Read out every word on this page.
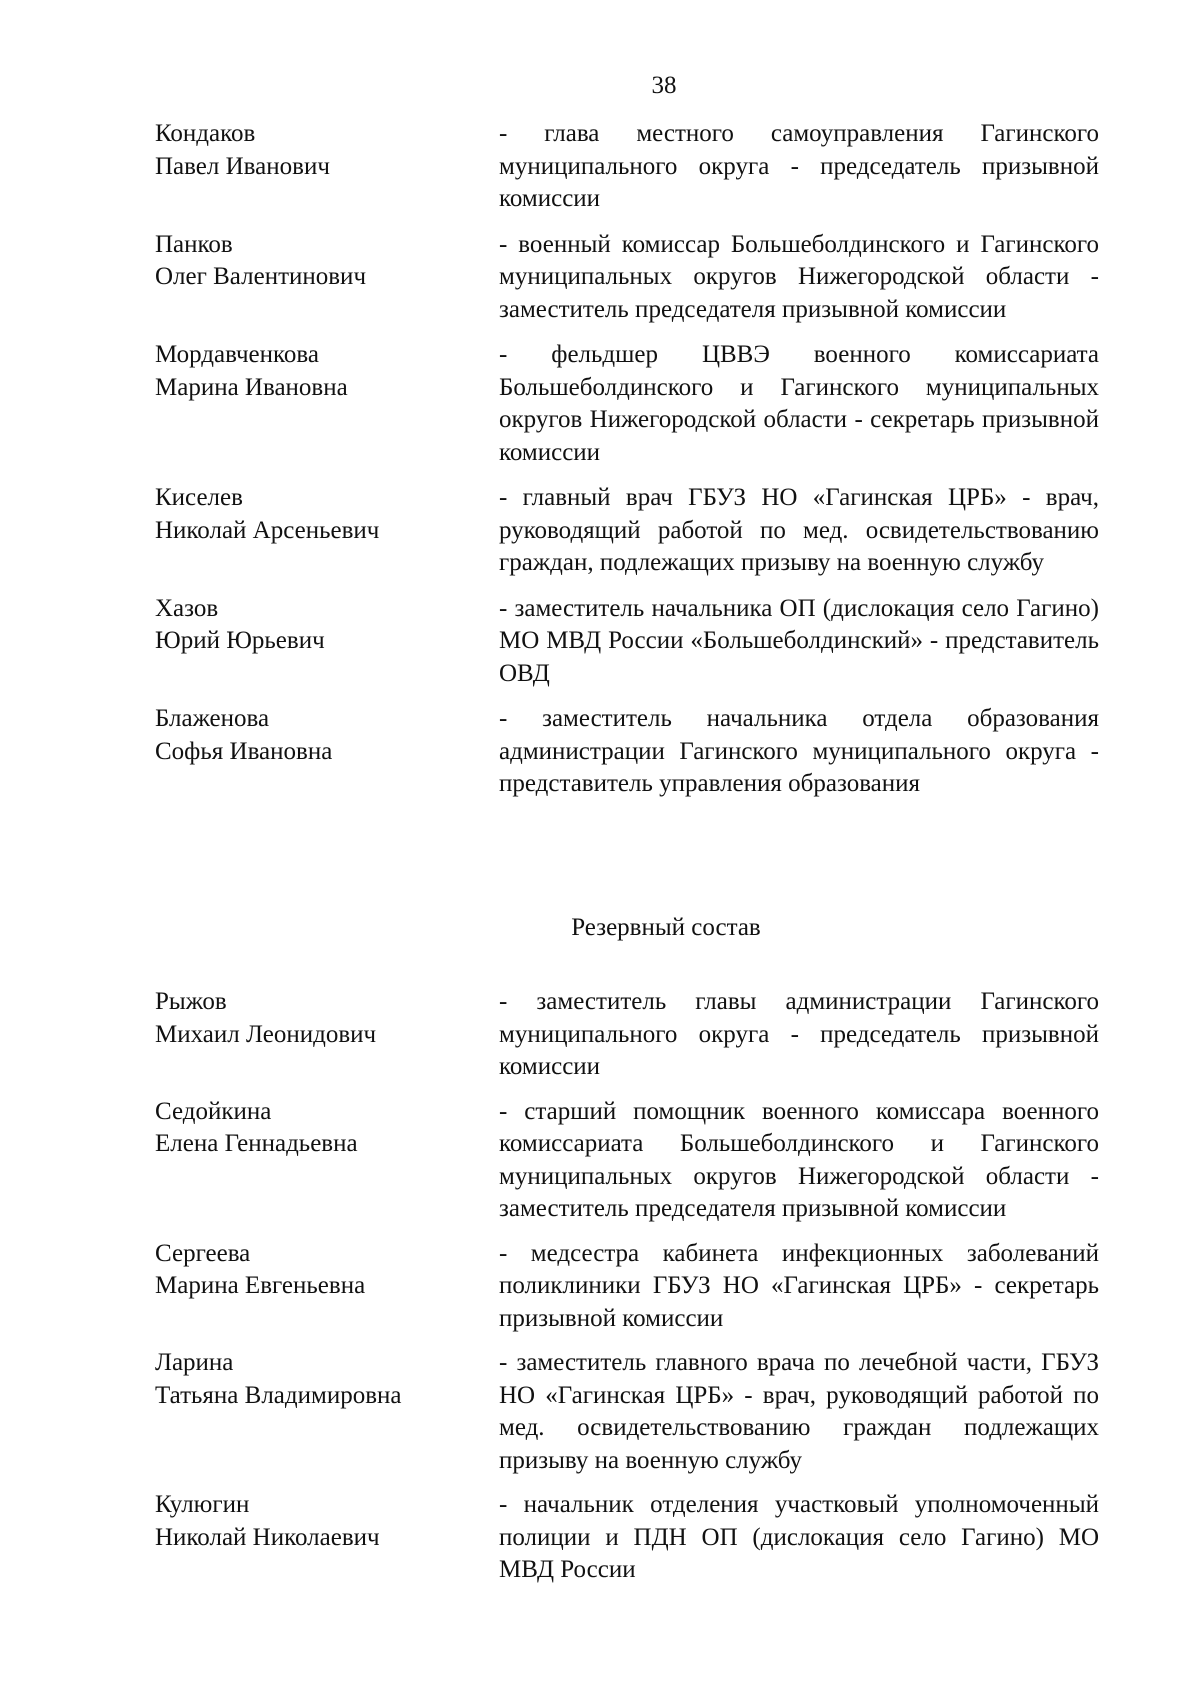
38
Кондаков
Павел Иванович
- глава местного самоуправления Гагинского муниципального округа - председатель призывной комиссии
Панков
Олег Валентинович
- военный комиссар Большеболдинского и Гагинского муниципальных округов Нижегородской области - заместитель председателя призывной комиссии
Мордавченкова
Марина Ивановна
- фельдшер ЦВВЭ военного комиссариата Большеболдинского и Гагинского муниципальных округов Нижегородской области - секретарь призывной комиссии
Киселев
Николай Арсеньевич
- главный врач ГБУЗ НО «Гагинская ЦРБ» - врач, руководящий работой по мед. освидетельствованию граждан, подлежащих призыву на военную службу
Хазов
Юрий Юрьевич
- заместитель начальника ОП (дислокация село Гагино) МО МВД России «Большеболдинский» - представитель ОВД
Блаженова
Софья Ивановна
- заместитель начальника отдела образования администрации Гагинского муниципального округа - представитель управления образования
Резервный состав
Рыжов
Михаил Леонидович
- заместитель главы администрации Гагинского муниципального округа - председатель призывной комиссии
Седойкина
Елена Геннадьевна
- старший помощник военного комиссара военного комиссариата Большеболдинского и Гагинского муниципальных округов Нижегородской области - заместитель председателя призывной комиссии
Сергеева
Марина Евгеньевна
- медсестра кабинета инфекционных заболеваний поликлиники ГБУЗ НО «Гагинская ЦРБ» - секретарь призывной комиссии
Ларина
Татьяна Владимировна
- заместитель главного врача по лечебной части, ГБУЗ НО «Гагинская ЦРБ» - врач, руководящий работой по мед. освидетельствованию граждан подлежащих призыву на военную службу
Кулюгин
Николай Николаевич
- начальник отделения участковый уполномоченный полиции и ПДН ОП (дислокация село Гагино) МО МВД России
